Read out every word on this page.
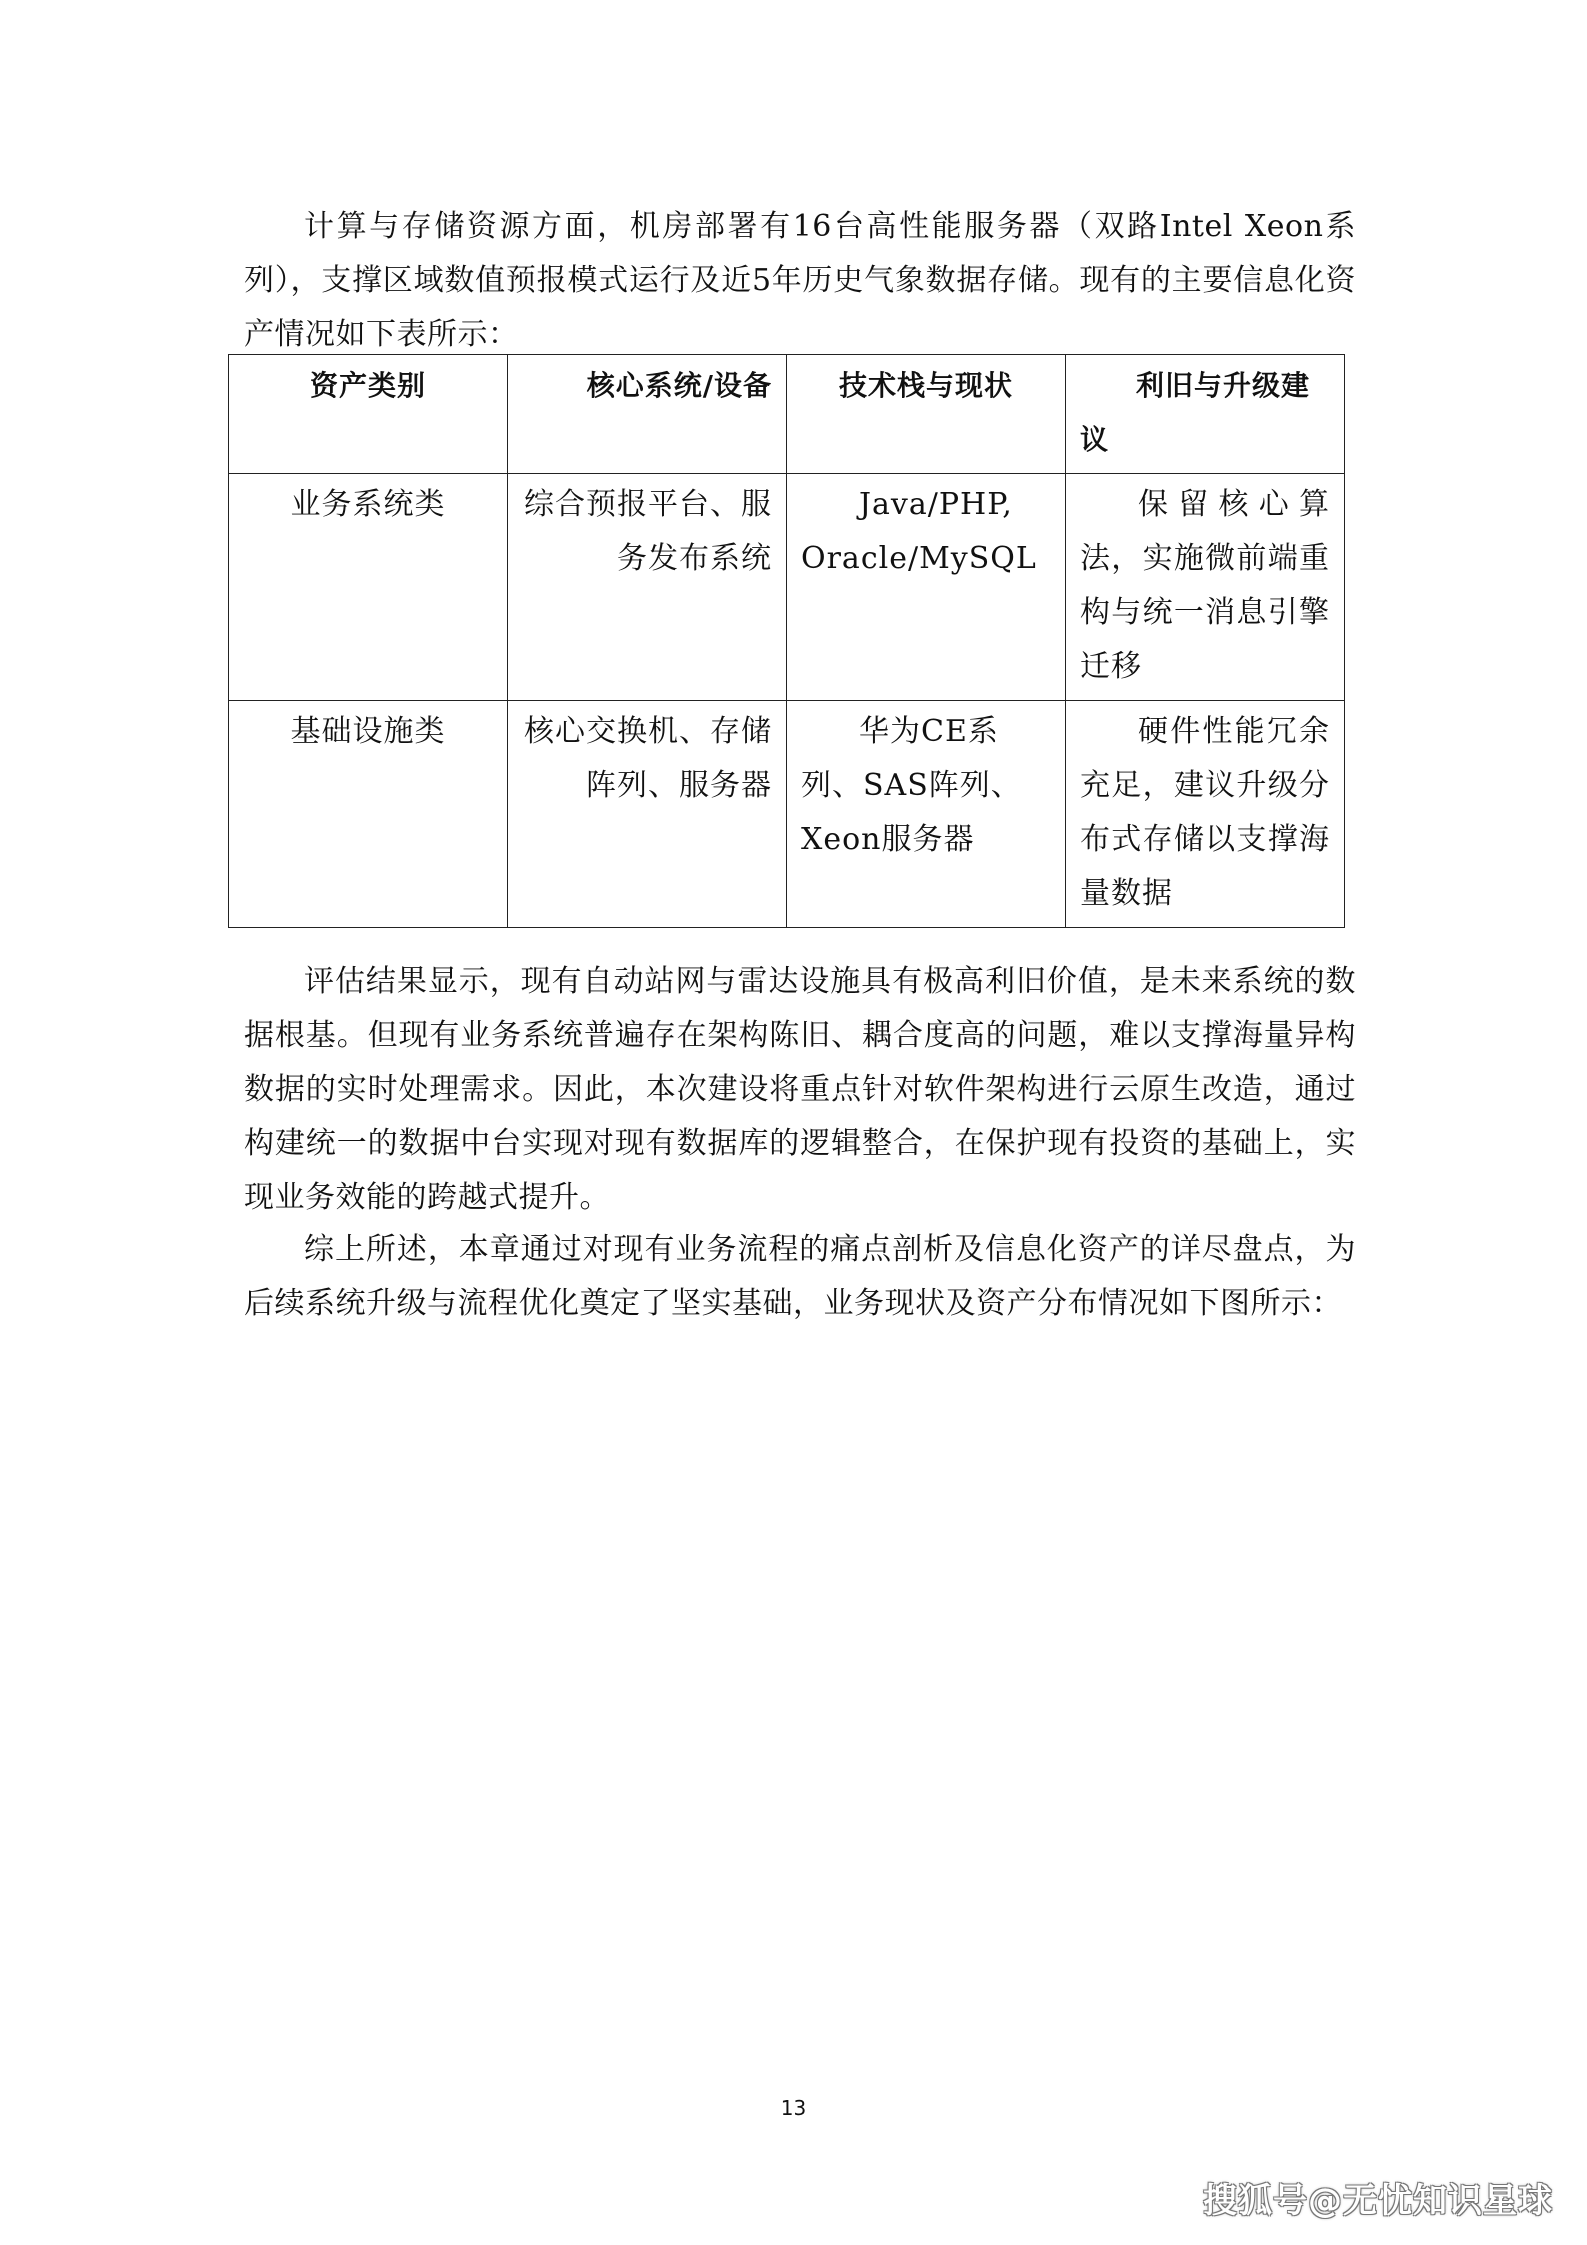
计算与存储资源方面，机房部署有16台高性能服务器（双路Intel Xeon系列），支撑区域数值预报模式运行及近5年历史气象数据存储。现有的主要信息化资产情况如下表所示：

资产类别	核心系统/设备	技术栈与现状	利旧与升级建议
业务系统类	综合预报平台、服务发布系统	Java/PHP, Oracle/MySQL	保留核心算法，实施微前端重构与统一消息引擎迁移
基础设施类	核心交换机、存储阵列、服务器	华为CE系列、SAS阵列、Xeon服务器	硬件性能冗余充足，建议升级分布式存储以支撑海量数据

评估结果显示，现有自动站网与雷达设施具有极高利旧价值，是未来系统的数据根基。但现有业务系统普遍存在架构陈旧、耦合度高的问题，难以支撑海量异构数据的实时处理需求。因此，本次建设将重点针对软件架构进行云原生改造，通过构建统一的数据中台实现对现有数据库的逻辑整合，在保护现有投资的基础上，实现业务效能的跨越式提升。

综上所述，本章通过对现有业务流程的痛点剖析及信息化资产的详尽盘点，为后续系统升级与流程优化奠定了坚实基础，业务现状及资产分布情况如下图所示：

13
搜狐号@无忧知识星球
